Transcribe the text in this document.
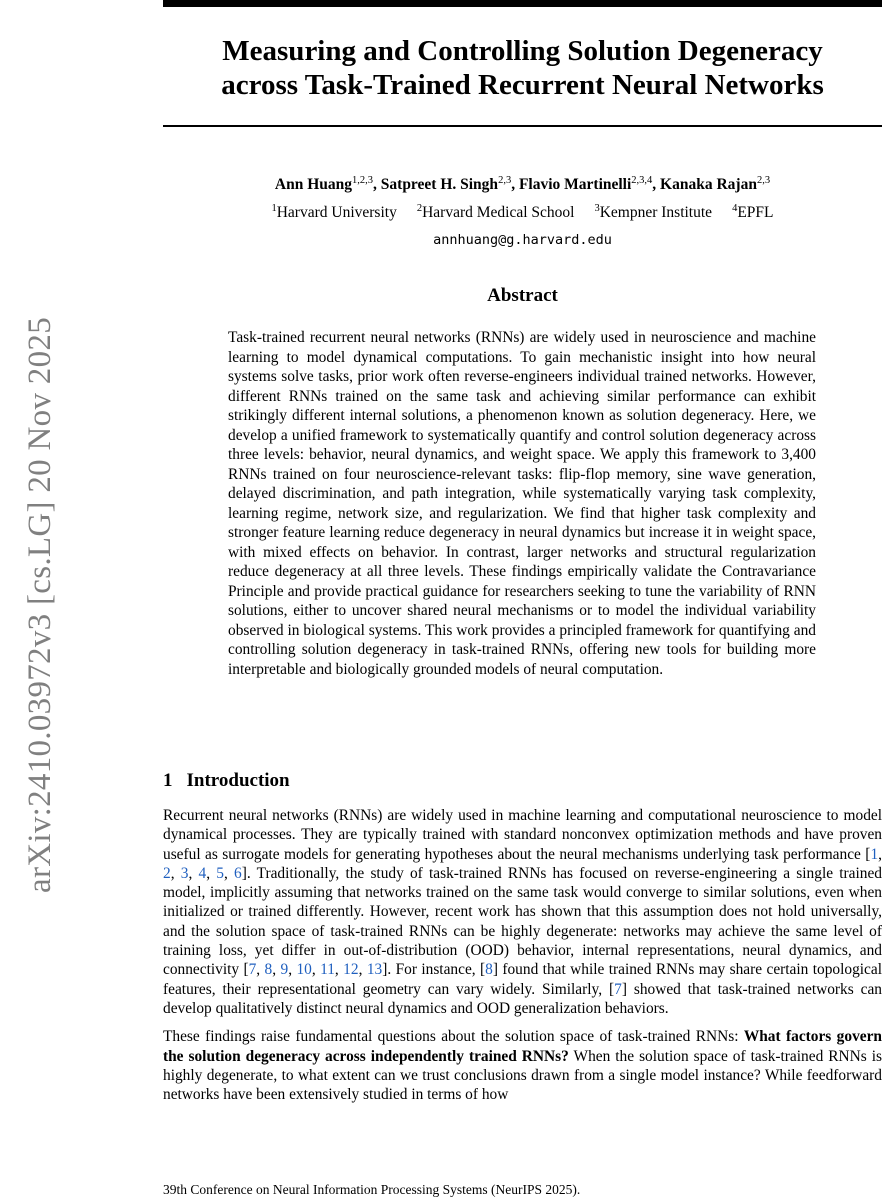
Measuring and Controlling Solution Degeneracy
across Task-Trained Recurrent Neural Networks
Ann Huang$^{1,2,3}$, Satpreet H. Singh$^{2,3}$, Flavio Martinelli$^{2,3,4}$, Kanaka Rajan$^{2,3}$
$^1$Harvard University $^2$Harvard Medical School $^3$Kempner Institute $^4$EPFL
annhuang@g.harvard.edu
Abstract
Task-trained recurrent neural networks (RNNs) are widely used in neuroscience and machine learning to model dynamical computations. To gain mechanistic insight into how neural systems solve tasks, prior work often reverse-engineers individual trained networks. However, different RNNs trained on the same task and achieving similar performance can exhibit strikingly different internal solutions, a phenomenon known as solution degeneracy. Here, we develop a unified framework to systematically quantify and control solution degeneracy across three levels: behavior, neural dynamics, and weight space. We apply this framework to 3,400 RNNs trained on four neuroscience-relevant tasks: flip-flop memory, sine wave generation, delayed discrimination, and path integration, while systematically varying task complexity, learning regime, network size, and regularization. We find that higher task complexity and stronger feature learning reduce degeneracy in neural dynamics but increase it in weight space, with mixed effects on behavior. In contrast, larger networks and structural regularization reduce degeneracy at all three levels. These findings empirically validate the Contravariance Principle and provide practical guidance for researchers seeking to tune the variability of RNN solutions, either to uncover shared neural mechanisms or to model the individual variability observed in biological systems. This work provides a principled framework for quantifying and controlling solution degeneracy in task-trained RNNs, offering new tools for building more interpretable and biologically grounded models of neural computation.
1 Introduction

Recurrent neural networks (RNNs) are widely used in machine learning and computational neuroscience to model dynamical processes. They are typically trained with standard nonconvex optimization methods and have proven useful as surrogate models for generating hypotheses about the neural mechanisms underlying task performance [1, 2, 3, 4, 5, 6]. Traditionally, the study of task-trained RNNs has focused on reverse-engineering a single trained model, implicitly assuming that networks trained on the same task would converge to similar solutions, even when initialized or trained differently. However, recent work has shown that this assumption does not hold universally, and the solution space of task-trained RNNs can be highly degenerate: networks may achieve the same level of training loss, yet differ in out-of-distribution (OOD) behavior, internal representations, neural dynamics, and connectivity [7, 8, 9, 10, 11, 12, 13]. For instance, [8] found that while trained RNNs may share certain topological features, their representational geometry can vary widely. Similarly, [7] showed that task-trained networks can develop qualitatively distinct neural dynamics and OOD generalization behaviors.

These findings raise fundamental questions about the solution space of task-trained RNNs: What factors govern the solution degeneracy across independently trained RNNs? When the solution space of task-trained RNNs is highly degenerate, to what extent can we trust conclusions drawn from a single model instance? While feedforward networks have been extensively studied in terms of how

39th Conference on Neural Information Processing Systems (NeurIPS 2025).
arXiv:2410.03972v3 [cs.LG] 20 Nov 2025
